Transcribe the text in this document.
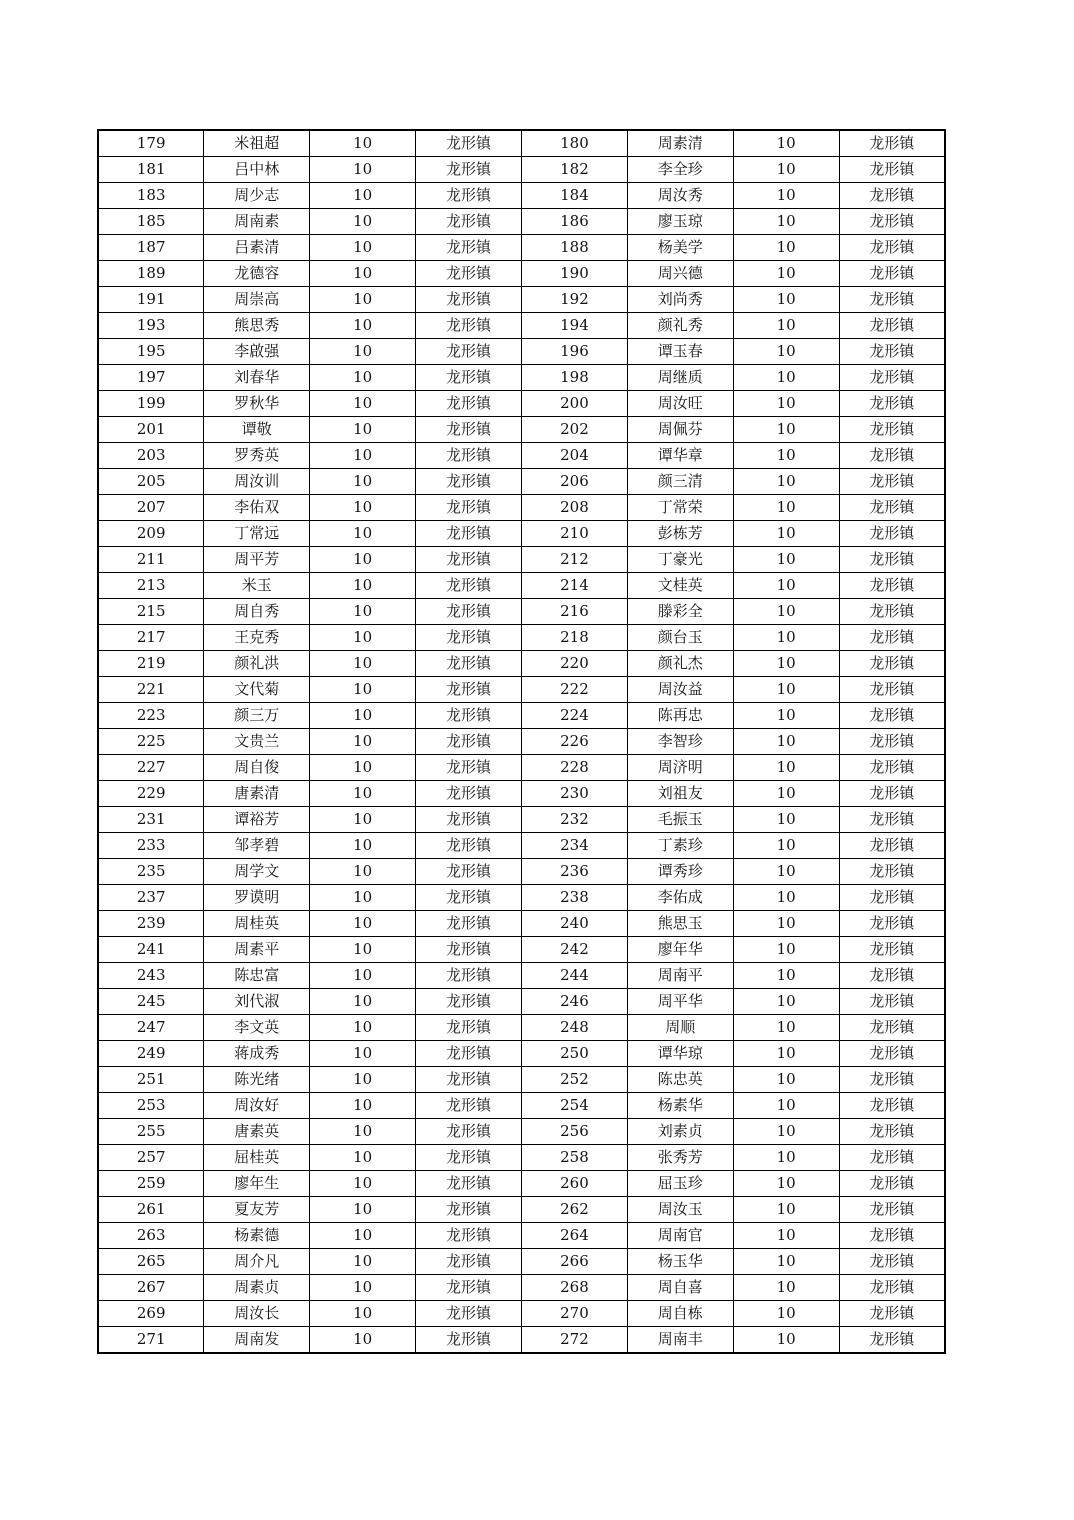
179	米祖超	10	龙形镇	180	周素清	10	龙形镇
181	吕中林	10	龙形镇	182	李全珍	10	龙形镇
183	周少志	10	龙形镇	184	周汝秀	10	龙形镇
185	周南素	10	龙形镇	186	廖玉琼	10	龙形镇
187	吕素清	10	龙形镇	188	杨美学	10	龙形镇
189	龙德容	10	龙形镇	190	周兴德	10	龙形镇
191	周崇高	10	龙形镇	192	刘尚秀	10	龙形镇
193	熊思秀	10	龙形镇	194	颜礼秀	10	龙形镇
195	李啟强	10	龙形镇	196	谭玉春	10	龙形镇
197	刘春华	10	龙形镇	198	周继质	10	龙形镇
199	罗秋华	10	龙形镇	200	周汝旺	10	龙形镇
201	谭敬	10	龙形镇	202	周佩芬	10	龙形镇
203	罗秀英	10	龙形镇	204	谭华章	10	龙形镇
205	周汝训	10	龙形镇	206	颜三清	10	龙形镇
207	李佑双	10	龙形镇	208	丁常荣	10	龙形镇
209	丁常远	10	龙形镇	210	彭栋芳	10	龙形镇
211	周平芳	10	龙形镇	212	丁豪光	10	龙形镇
213	米玉	10	龙形镇	214	文桂英	10	龙形镇
215	周自秀	10	龙形镇	216	滕彩全	10	龙形镇
217	王克秀	10	龙形镇	218	颜台玉	10	龙形镇
219	颜礼洪	10	龙形镇	220	颜礼杰	10	龙形镇
221	文代菊	10	龙形镇	222	周汝益	10	龙形镇
223	颜三万	10	龙形镇	224	陈再忠	10	龙形镇
225	文贵兰	10	龙形镇	226	李智珍	10	龙形镇
227	周自俊	10	龙形镇	228	周济明	10	龙形镇
229	唐素清	10	龙形镇	230	刘祖友	10	龙形镇
231	谭裕芳	10	龙形镇	232	毛振玉	10	龙形镇
233	邹孝碧	10	龙形镇	234	丁素珍	10	龙形镇
235	周学文	10	龙形镇	236	谭秀珍	10	龙形镇
237	罗谟明	10	龙形镇	238	李佑成	10	龙形镇
239	周桂英	10	龙形镇	240	熊思玉	10	龙形镇
241	周素平	10	龙形镇	242	廖年华	10	龙形镇
243	陈忠富	10	龙形镇	244	周南平	10	龙形镇
245	刘代淑	10	龙形镇	246	周平华	10	龙形镇
247	李文英	10	龙形镇	248	周顺	10	龙形镇
249	蒋成秀	10	龙形镇	250	谭华琼	10	龙形镇
251	陈光绪	10	龙形镇	252	陈忠英	10	龙形镇
253	周汝好	10	龙形镇	254	杨素华	10	龙形镇
255	唐素英	10	龙形镇	256	刘素贞	10	龙形镇
257	屈桂英	10	龙形镇	258	张秀芳	10	龙形镇
259	廖年生	10	龙形镇	260	屈玉珍	10	龙形镇
261	夏友芳	10	龙形镇	262	周汝玉	10	龙形镇
263	杨素德	10	龙形镇	264	周南官	10	龙形镇
265	周介凡	10	龙形镇	266	杨玉华	10	龙形镇
267	周素贞	10	龙形镇	268	周自喜	10	龙形镇
269	周汝长	10	龙形镇	270	周自栋	10	龙形镇
271	周南发	10	龙形镇	272	周南丰	10	龙形镇
